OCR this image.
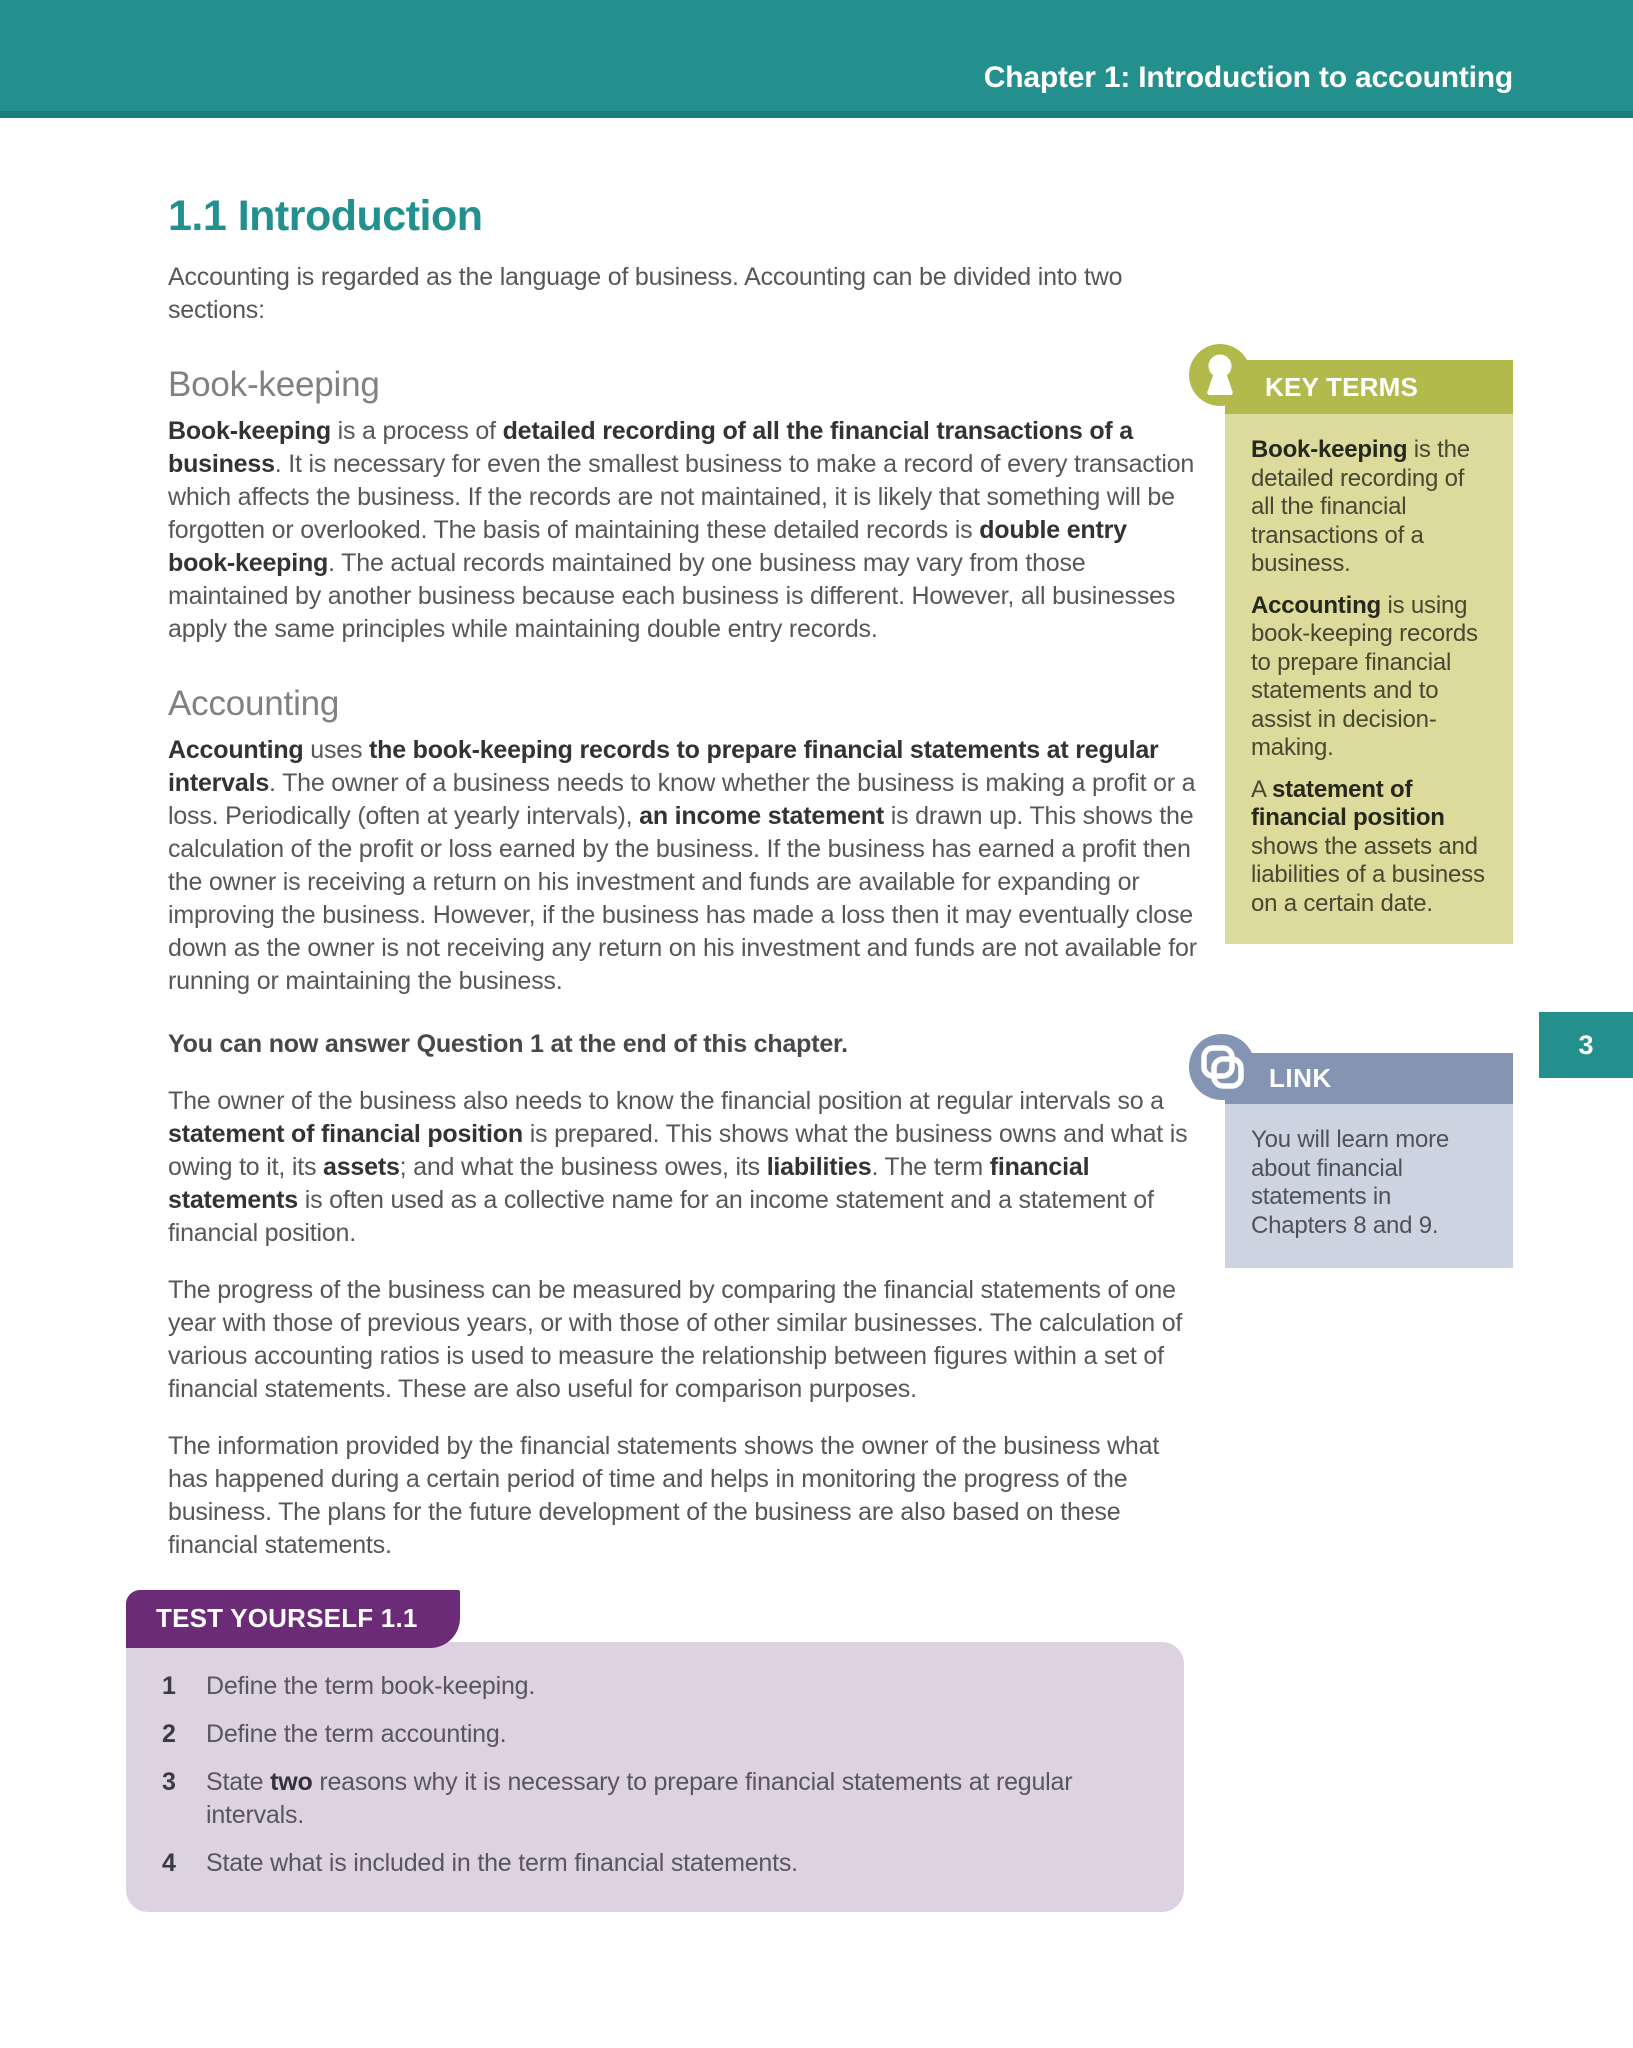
Chapter 1: Introduction to accounting
1.1 Introduction

Accounting is regarded as the language of business. Accounting can be divided into two sections:

Book-keeping

Book-keeping is a process of detailed recording of all the financial transactions of a business. It is necessary for even the smallest business to make a record of every transaction which affects the business. If the records are not maintained, it is likely that something will be forgotten or overlooked. The basis of maintaining these detailed records is double entry book-keeping. The actual records maintained by one business may vary from those maintained by another business because each business is different. However, all businesses apply the same principles while maintaining double entry records.

Accounting

Accounting uses the book-keeping records to prepare financial statements at regular intervals. The owner of a business needs to know whether the business is making a profit or a loss. Periodically (often at yearly intervals), an income statement is drawn up. This shows the calculation of the profit or loss earned by the business. If the business has earned a profit then the owner is receiving a return on his investment and funds are available for expanding or improving the business. However, if the business has made a loss then it may eventually close down as the owner is not receiving any return on his investment and funds are not available for running or maintaining the business.

You can now answer Question 1 at the end of this chapter.

The owner of the business also needs to know the financial position at regular intervals so a statement of financial position is prepared. This shows what the business owns and what is owing to it, its assets; and what the business owes, its liabilities. The term financial statements is often used as a collective name for an income statement and a statement of financial position.

The progress of the business can be measured by comparing the financial statements of one year with those of previous years, or with those of other similar businesses. The calculation of various accounting ratios is used to measure the relationship between figures within a set of financial statements. These are also useful for comparison purposes.

The information provided by the financial statements shows the owner of the business what has happened during a certain period of time and helps in monitoring the progress of the business. The plans for the future development of the business are also based on these financial statements.

TEST YOURSELF 1.1
1	Define the term book-keeping.
2	Define the term accounting.
3	State two reasons why it is necessary to prepare financial statements at regular intervals.
4	State what is included in the term financial statements.
KEY TERMS

Book-keeping is the detailed recording of all the financial transactions of a business.

Accounting is using book-keeping records to prepare financial statements and to assist in decision-making.

A statement of financial position shows the assets and liabilities of a business on a certain date.

LINK
You will learn more about financial statements in Chapters 8 and 9.
3
